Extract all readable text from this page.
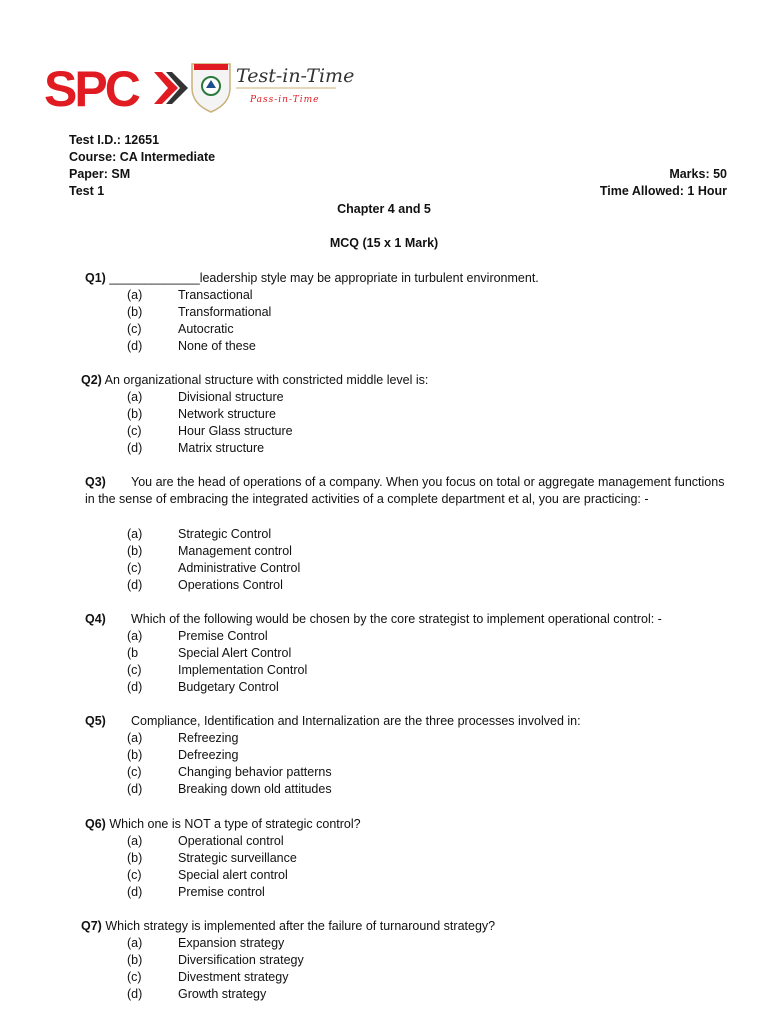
SPC	Test-in-Time
Pass-in-Time
Test I.D.: 12651
Course: CA Intermediate
Paper: SM
Test 1
Marks: 50
Time Allowed: 1 Hour
Chapter 4 and 5
MCQ (15 x 1 Mark)
Q1) _____________leadership style may be appropriate in turbulent environment.
(a)	Transactional
(b)	Transformational
(c)	Autocratic
(d)	None of these
Q2) An organizational structure with constricted middle level is:
(a)	Divisional structure
(b)	Network structure
(c)	Hour Glass structure
(d)	Matrix structure
Q3) You are the head of operations of a company. When you focus on total or aggregate management functions in the sense of embracing the integrated activities of a complete department et al, you are practicing: -
(a)	Strategic Control
(b)	Management control
(c)	Administrative Control
(d)	Operations Control
Q4) Which of the following would be chosen by the core strategist to implement operational control: -
(a)	Premise Control
(b	Special Alert Control
(c)	Implementation Control
(d)	Budgetary Control
Q5) Compliance, Identification and Internalization are the three processes involved in:
(a)	Refreezing
(b)	Defreezing
(c)	Changing behavior patterns
(d)	Breaking down old attitudes
Q6) Which one is NOT a type of strategic control?
(a)	Operational control
(b)	Strategic surveillance
(c)	Special alert control
(d)	Premise control
Q7) Which strategy is implemented after the failure of turnaround strategy?
(a)	Expansion strategy
(b)	Diversification strategy
(c)	Divestment strategy
(d)	Growth strategy
